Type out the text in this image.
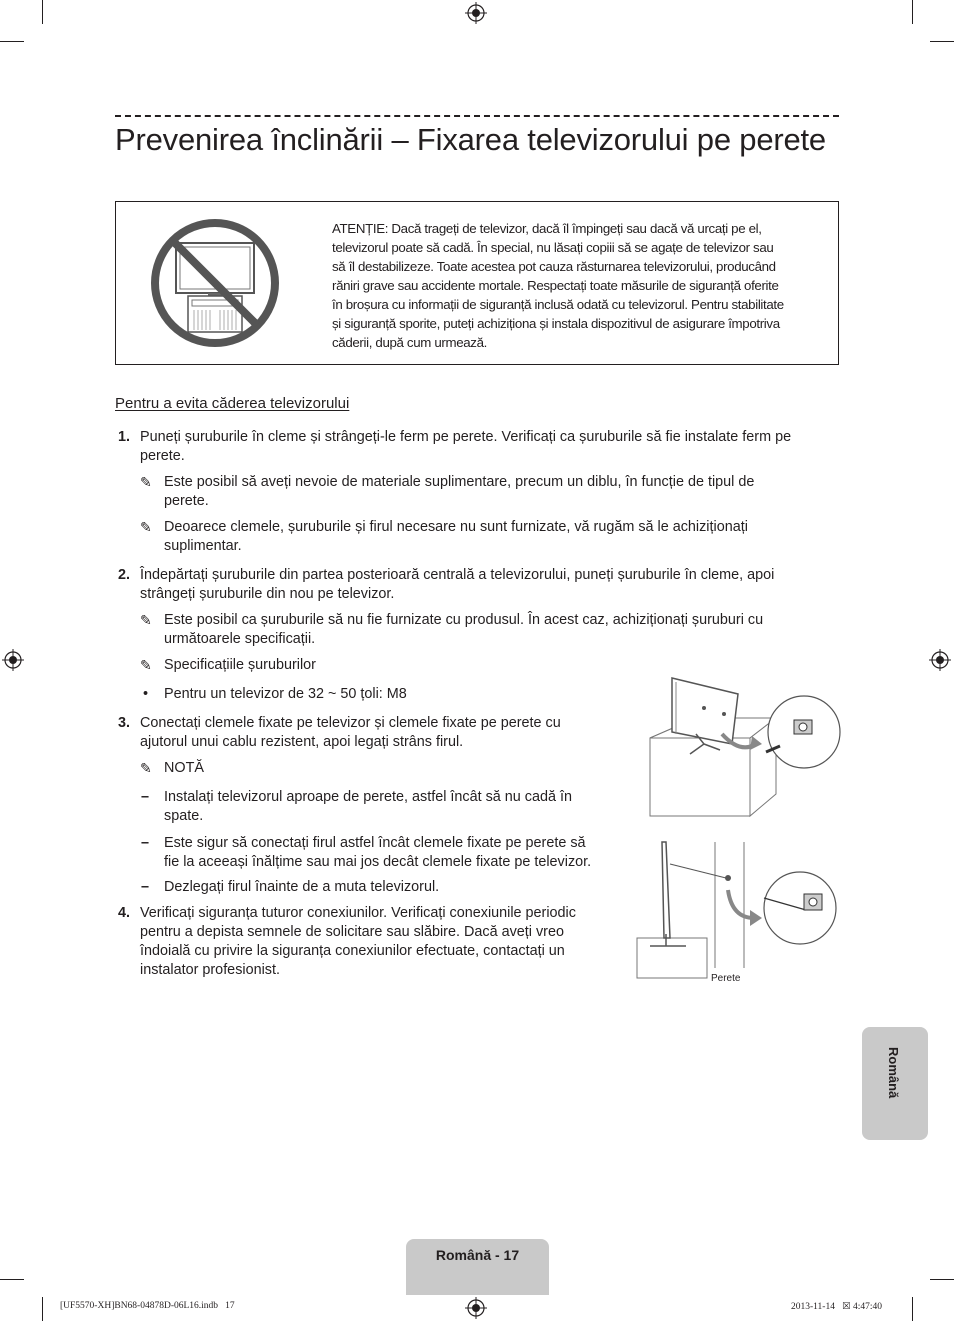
Prevenirea înclinării – Fixarea televizorului pe perete
ATENȚIE: Dacă trageți de televizor, dacă îl împingeți sau dacă vă urcați pe el,
televizorul poate să cadă. În special, nu lăsați copiii să se agațe de televizor sau
să îl destabilizeze. Toate acestea pot cauza răsturnarea televizorului, producând
răniri grave sau accidente mortale. Respectați toate măsurile de siguranță oferite
în broșura cu informații de siguranță inclusă odată cu televizorul. Pentru stabilitate
și siguranță sporite, puteți achiziționa și instala dispozitivul de asigurare împotriva
căderii, după cum urmează.
Pentru a evita căderea televizorului
1. Puneți șuruburile în cleme și strângeți-le ferm pe perete. Verificați ca șuruburile să fie instalate ferm pe
perete.
✎ Este posibil să aveți nevoie de materiale suplimentare, precum un diblu, în funcție de tipul de
perete.
✎ Deoarece clemele, șuruburile și firul necesare nu sunt furnizate, vă rugăm să le achiziționați
suplimentar.
2. Îndepărtați șuruburile din partea posterioară centrală a televizorului, puneți șuruburile în cleme, apoi
strângeți șuruburile din nou pe televizor.
✎ Este posibil ca șuruburile să nu fie furnizate cu produsul. În acest caz, achiziționați șuruburi cu
următoarele specificații.
✎ Specificațiile șuruburilor
• Pentru un televizor de 32 ~ 50 țoli: M8
3. Conectați clemele fixate pe televizor și clemele fixate pe perete cu
ajutorul unui cablu rezistent, apoi legați strâns firul.
✎ NOTĂ
– Instalați televizorul aproape de perete, astfel încât să nu cadă în
spate.
– Este sigur să conectați firul astfel încât clemele fixate pe perete să
fie la aceeași înălțime sau mai jos decât clemele fixate pe televizor.
– Dezlegați firul înainte de a muta televizorul.
4. Verificați siguranța tuturor conexiunilor. Verificați conexiunile periodic
pentru a depista semnele de solicitare sau slăbire. Dacă aveți vreo
îndoială cu privire la siguranța conexiunilor efectuate, contactați un
instalator profesionist.
Perete
Română
Română - 17
[UF5570-XH]BN68-04878D-06L16.indb   17	2013-11-14   ☒ 4:47:40
